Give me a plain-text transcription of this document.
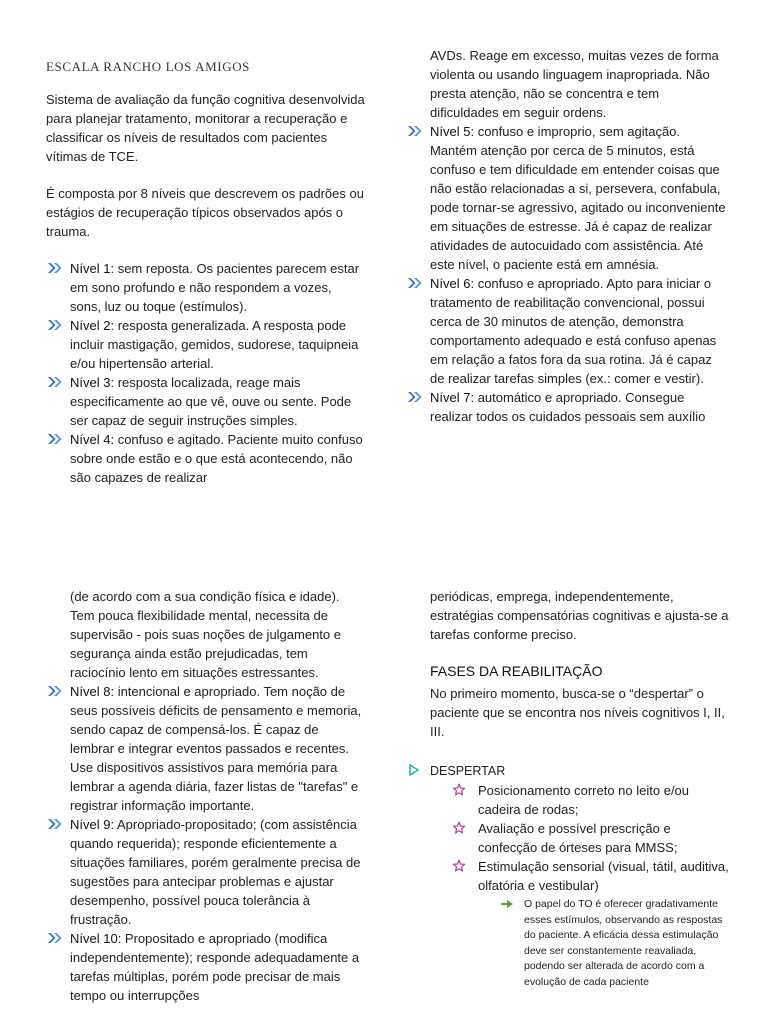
ESCALA RANCHO LOS AMIGOS

Sistema de avaliação da função cognitiva desenvolvida para planejar tratamento, monitorar a recuperação e classificar os níveis de resultados com pacientes vítimas de TCE.

É composta por 8 níveis que descrevem os padrões ou estágios de recuperação típicos observados após o trauma.

Nível 1: sem reposta. Os pacientes parecem estar em sono profundo e não respondem a vozes, sons, luz ou toque (estímulos).
Nível 2: resposta generalizada. A resposta pode incluir mastigação, gemidos, sudorese, taquipneia e/ou hipertensão arterial.
Nível 3: resposta localizada, reage mais especificamente ao que vê, ouve ou sente. Pode ser capaz de seguir instruções simples.
Nível 4: confuso e agitado. Paciente muito confuso sobre onde estão e o que está acontecendo, não são capazes de realizar

AVDs. Reage em excesso, muitas vezes de forma violenta ou usando linguagem inapropriada. Não presta atenção, não se concentra e tem dificuldades em seguir ordens.

Nível 5: confuso e improprio, sem agitação. Mantém atenção por cerca de 5 minutos, está confuso e tem dificuldade em entender coisas que não estão relacionadas a si, persevera, confabula, pode tornar-se agressivo, agitado ou inconveniente em situações de estresse. Já é capaz de realizar atividades de autocuidado com assistência. Até este nível, o paciente está em amnésia.
Nível 6: confuso e apropriado. Apto para iniciar o tratamento de reabilitação convencional, possui cerca de 30 minutos de atenção, demonstra comportamento adequado e está confuso apenas em relação a fatos fora da sua rotina. Já é capaz de realizar tarefas simples (ex.: comer e vestir).
Nível 7: automático e apropriado. Consegue realizar todos os cuidados pessoais sem auxílio

(de acordo com a sua condição física e idade). Tem pouca flexibilidade mental, necessita de supervisão - pois suas noções de julgamento e segurança ainda estão prejudicadas, tem raciocínio lento em situações estressantes.

Nível 8: intencional e apropriado. Tem noção de seus possíveis déficits de pensamento e memoria, sendo capaz de compensá-los. É capaz de lembrar e integrar eventos passados e recentes. Use dispositivos assistivos para memória para lembrar a agenda diária, fazer listas de "tarefas" e registrar informação importante.
Nível 9: Apropriado-propositado; (com assistência quando requerida); responde eficientemente a situações familiares, porém geralmente precisa de sugestões para antecipar problemas e ajustar desempenho, possível pouca tolerância à frustração.
Nível 10: Propositado e apropriado (modifica independentemente); responde adequadamente a tarefas múltiplas, porém pode precisar de mais tempo ou interrupções

periódicas, emprega, independentemente, estratégias compensatórias cognitivas e ajusta-se a tarefas conforme preciso.

FASES DA REABILITAÇÃO

No primeiro momento, busca-se o “despertar” o paciente que se encontra nos níveis cognitivos I, II, III.

DESPERTAR
Posicionamento correto no leito e/ou cadeira de rodas;
Avaliação e possível prescrição e confecção de órteses para MMSS;
Estimulação sensorial (visual, tátil, auditiva, olfatória e vestibular)
O papel do TO é oferecer gradativamente esses estímulos, observando as respostas do paciente. A eficácia dessa estimulação deve ser constantemente reavaliada, podendo ser alterada de acordo com a evolução de cada paciente
